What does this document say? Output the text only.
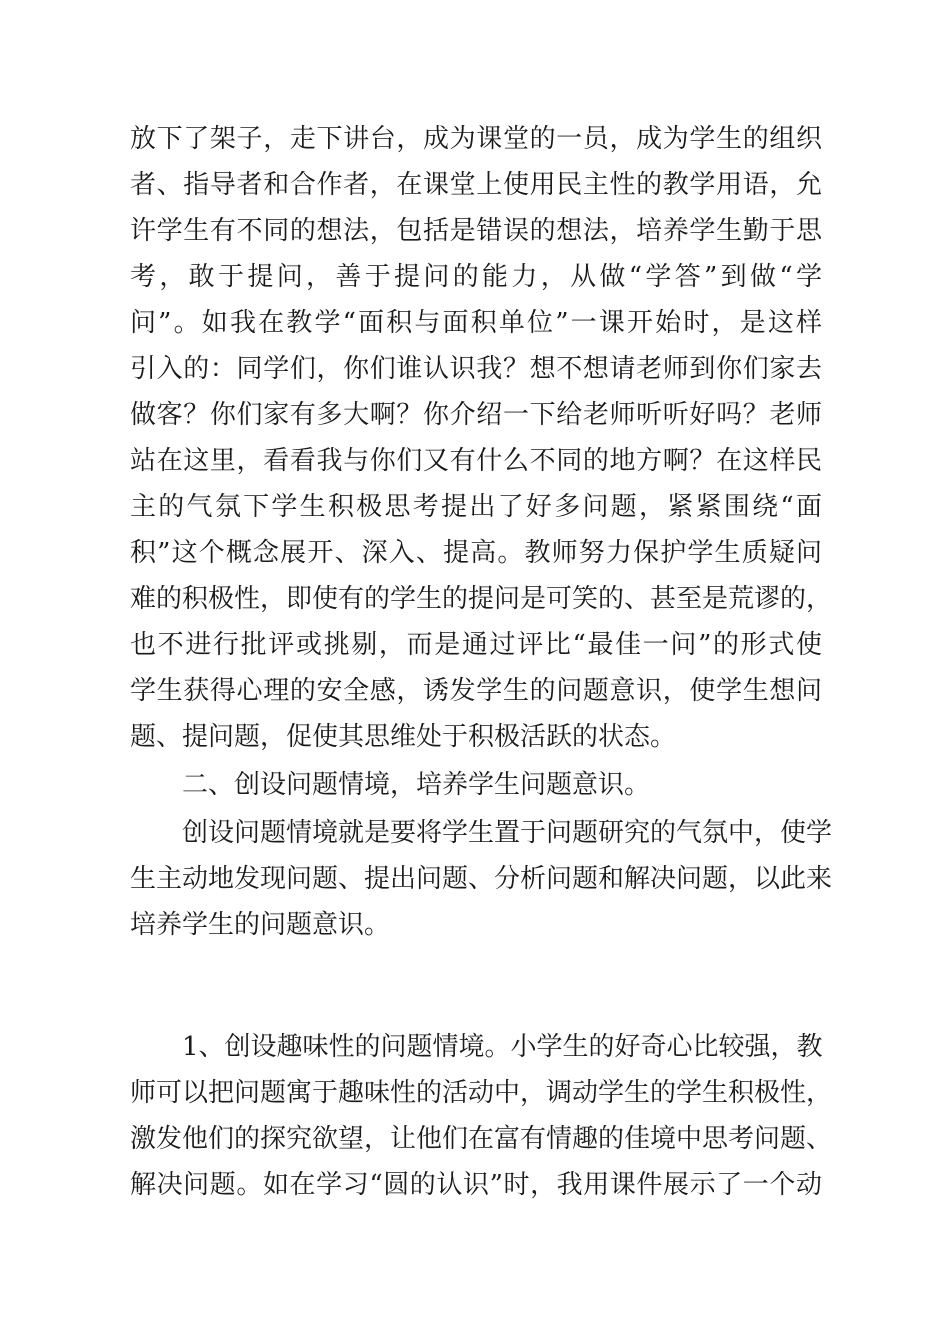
放下了架子，走下讲台，成为课堂的一员，成为学生的组织
者、指导者和合作者，在课堂上使用民主性的教学用语，允
许学生有不同的想法，包括是错误的想法，培养学生勤于思
考，敢于提问，善于提问的能力，从做“学答”到做“学
问”。如我在教学“面积与面积单位”一课开始时，是这样
引入的：同学们，你们谁认识我？想不想请老师到你们家去
做客？你们家有多大啊？你介绍一下给老师听听好吗？老师
站在这里，看看我与你们又有什么不同的地方啊？在这样民
主的气氛下学生积极思考提出了好多问题，紧紧围绕“面
积”这个概念展开、深入、提高。教师努力保护学生质疑问
难的积极性，即使有的学生的提问是可笑的、甚至是荒谬的，
也不进行批评或挑剔，而是通过评比“最佳一问”的形式使
学生获得心理的安全感，诱发学生的问题意识，使学生想问
题、提问题，促使其思维处于积极活跃的状态。
二、创设问题情境，培养学生问题意识。
创设问题情境就是要将学生置于问题研究的气氛中，使学
生主动地发现问题、提出问题、分析问题和解决问题，以此来
培养学生的问题意识。
1、创设趣味性的问题情境。小学生的好奇心比较强，教
师可以把问题寓于趣味性的活动中，调动学生的学生积极性，
激发他们的探究欲望，让他们在富有情趣的佳境中思考问题、
解决问题。如在学习“圆的认识”时，我用课件展示了一个动
